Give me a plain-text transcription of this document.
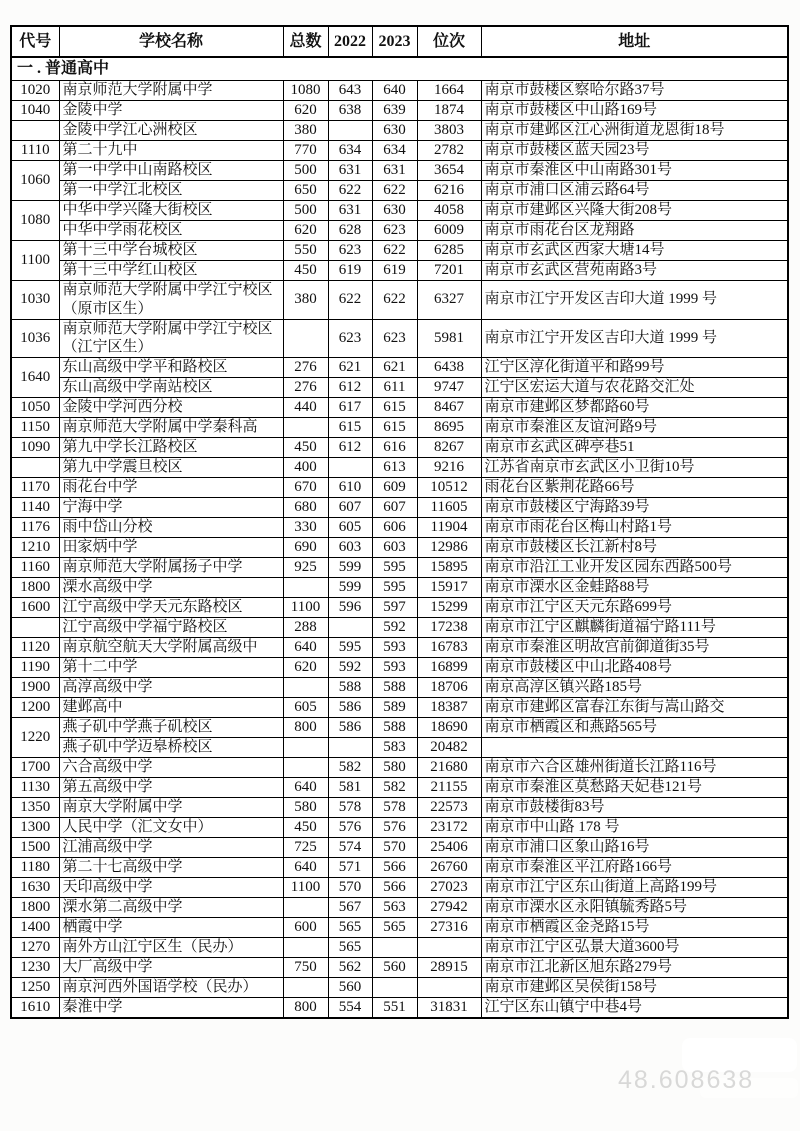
代号	学校名称	总数	2022	2023	位次	地址
一 . 普通高中						
1020	南京师范大学附属中学	1080	643	640	1664	南京市鼓楼区察哈尔路37号
1040	金陵中学	620	638	639	1874	南京市鼓楼区中山路169号
	金陵中学江心洲校区	380		630	3803	南京市建邺区江心洲街道龙恩街18号
1110	第二十九中	770	634	634	2782	南京市鼓楼区蓝天园23号
1060	第一中学中山南路校区	500	631	631	3654	南京市秦淮区中山南路301号
	第一中学江北校区	650	622	622	6216	南京市浦口区浦云路64号
1080	中华中学兴隆大街校区	500	631	630	4058	南京市建邺区兴隆大街208号
	中华中学雨花校区	620	628	623	6009	南京市雨花台区龙翔路
1100	第十三中学台城校区	550	623	622	6285	南京市玄武区西家大塘14号
	第十三中学红山校区	450	619	619	7201	南京市玄武区营苑南路3号
1030	南京师范大学附属中学江宁校区（原市区生）	380	622	622	6327	南京市江宁开发区吉印大道 1999 号
1036	南京师范大学附属中学江宁校区（江宁区生）		623	623	5981	南京市江宁开发区吉印大道 1999 号
1640	东山高级中学平和路校区	276	621	621	6438	江宁区淳化街道平和路99号
	东山高级中学南站校区	276	612	611	9747	江宁区宏运大道与农花路交汇处
1050	金陵中学河西分校	440	617	615	8467	南京市建邺区梦都路60号
1150	南京师范大学附属中学秦科高		615	615	8695	南京市秦淮区友谊河路9号
1090	第九中学长江路校区	450	612	616	8267	南京市玄武区碑亭巷51
	第九中学震旦校区	400		613	9216	江苏省南京市玄武区小卫街10号
1170	雨花台中学	670	610	609	10512	雨花台区紫荆花路66号
1140	宁海中学	680	607	607	11605	南京市鼓楼区宁海路39号
1176	雨中岱山分校	330	605	606	11904	南京市雨花台区梅山村路1号
1210	田家炳中学	690	603	603	12986	南京市鼓楼区长江新村8号
1160	南京师范大学附属扬子中学	925	599	595	15895	南京市沿江工业开发区园东西路500号
1800	溧水高级中学		599	595	15917	南京市溧水区金蛙路88号
1600	江宁高级中学天元东路校区	1100	596	597	15299	南京市江宁区天元东路699号
	江宁高级中学福宁路校区	288		592	17238	南京市江宁区麒麟街道福宁路111号
1120	南京航空航天大学附属高级中	640	595	593	16783	南京市秦淮区明故宫前御道街35号
1190	第十二中学	620	592	593	16899	南京市鼓楼区中山北路408号
1900	高淳高级中学		588	588	18706	南京高淳区镇兴路185号
1200	建邺高中	605	586	589	18387	南京市建邺区富春江东街与嵩山路交
1220	燕子矶中学燕子矶校区	800	586	588	18690	南京市栖霞区和燕路565号
	燕子矶中学迈皋桥校区			583	20482	
1700	六合高级中学		582	580	21680	南京市六合区雄州街道长江路116号
1130	第五高级中学	640	581	582	21155	南京市秦淮区莫愁路天妃巷121号
1350	南京大学附属中学	580	578	578	22573	南京市鼓楼街83号
1300	人民中学（汇文女中）	450	576	576	23172	南京市中山路 178 号
1500	江浦高级中学	725	574	570	25406	南京市浦口区象山路16号
1180	第二十七高级中学	640	571	566	26760	南京市秦淮区平江府路166号
1630	天印高级中学	1100	570	566	27023	南京市江宁区东山街道上高路199号
1800	溧水第二高级中学		567	563	27942	南京市溧水区永阳镇毓秀路5号
1400	栖霞中学	600	565	565	27316	南京市栖霞区金尧路15号
1270	南外方山江宁区生（民办）		565			南京市江宁区弘景大道3600号
1230	大厂高级中学	750	562	560	28915	南京市江北新区旭东路279号
1250	南京河西外国语学校（民办）		560			南京市建邺区吴侯街158号
1610	秦淮中学	800	554	551	31831	江宁区东山镇宁中巷4号
48.608638
